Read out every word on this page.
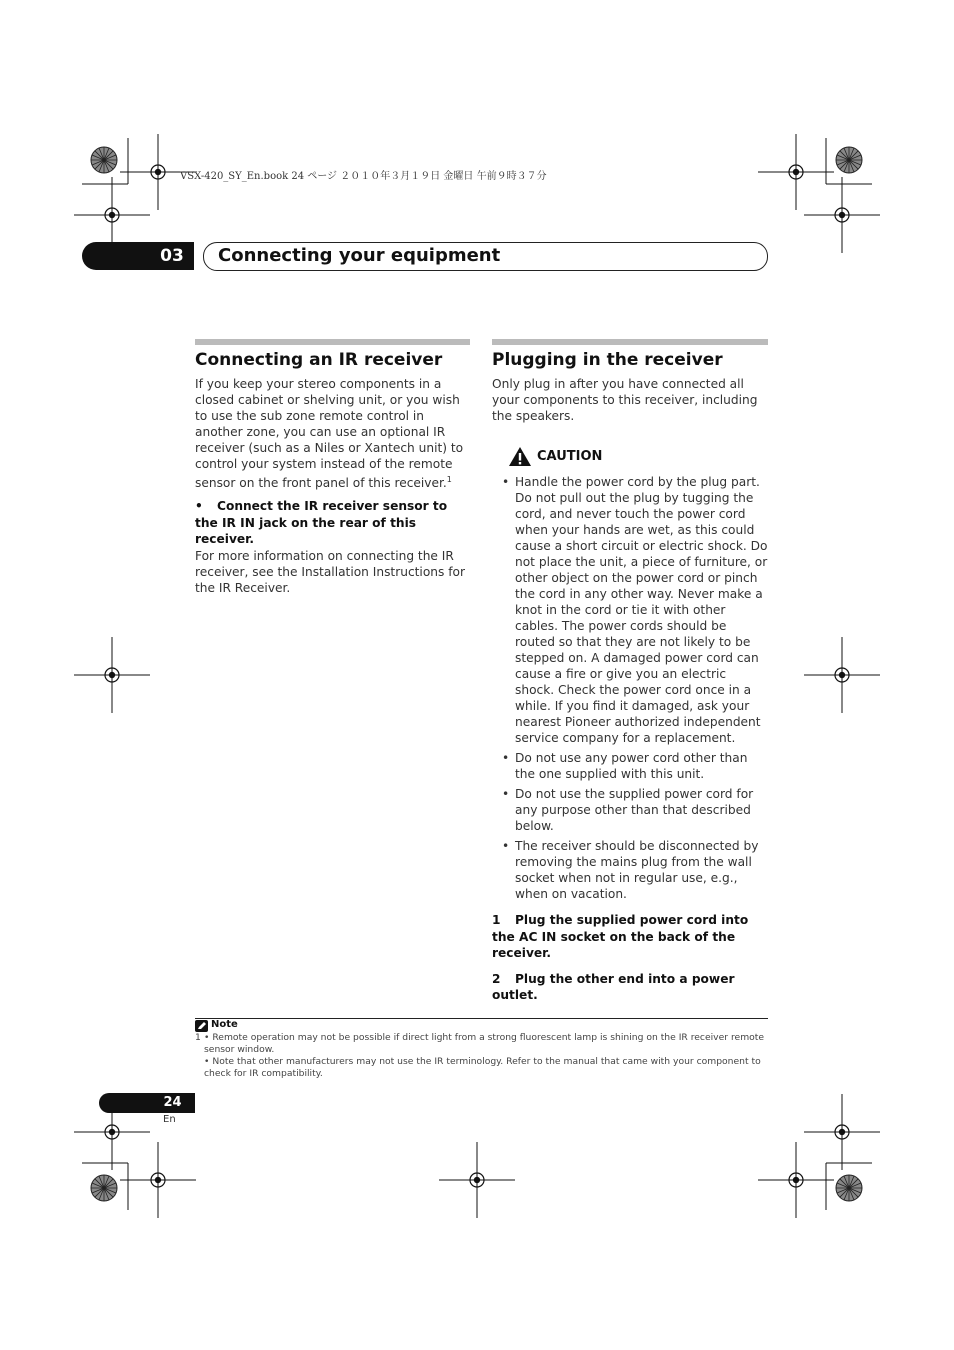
VSX-420_SY_En.book 24 ページ ２０１０年３月１９日 金曜日 午前９時３７分
03	Connecting your equipment
Connecting an IR receiver
If you keep your stereo components in a closed cabinet or shelving unit, or you wish to use the sub zone remote control in another zone, you can use an optional IR receiver (such as a Niles or Xantech unit) to control your system instead of the remote sensor on the front panel of this receiver.$^1$
• Connect the IR receiver sensor to the IR IN jack on the rear of this receiver.
For more information on connecting the IR receiver, see the Installation Instructions for the IR Receiver.
Plugging in the receiver
Only plug in after you have connected all your components to this receiver, including the speakers.
CAUTION
• Handle the power cord by the plug part. Do not pull out the plug by tugging the cord, and never touch the power cord when your hands are wet, as this could cause a short circuit or electric shock. Do not place the unit, a piece of furniture, or other object on the power cord or pinch the cord in any other way. Never make a knot in the cord or tie it with other cables. The power cords should be routed so that they are not likely to be stepped on. A damaged power cord can cause a fire or give you an electric shock. Check the power cord once in a while. If you find it damaged, ask your nearest Pioneer authorized independent service company for a replacement.
• Do not use any power cord other than the one supplied with this unit.
• Do not use the supplied power cord for any purpose other than that described below.
• The receiver should be disconnected by removing the mains plug from the wall socket when not in regular use, e.g., when on vacation.
1 Plug the supplied power cord into the AC IN socket on the back of the receiver.
2 Plug the other end into a power outlet.
Note
1 • Remote operation may not be possible if direct light from a strong fluorescent lamp is shining on the IR receiver remote sensor window.
• Note that other manufacturers may not use the IR terminology. Refer to the manual that came with your component to check for IR compatibility.
24
En
